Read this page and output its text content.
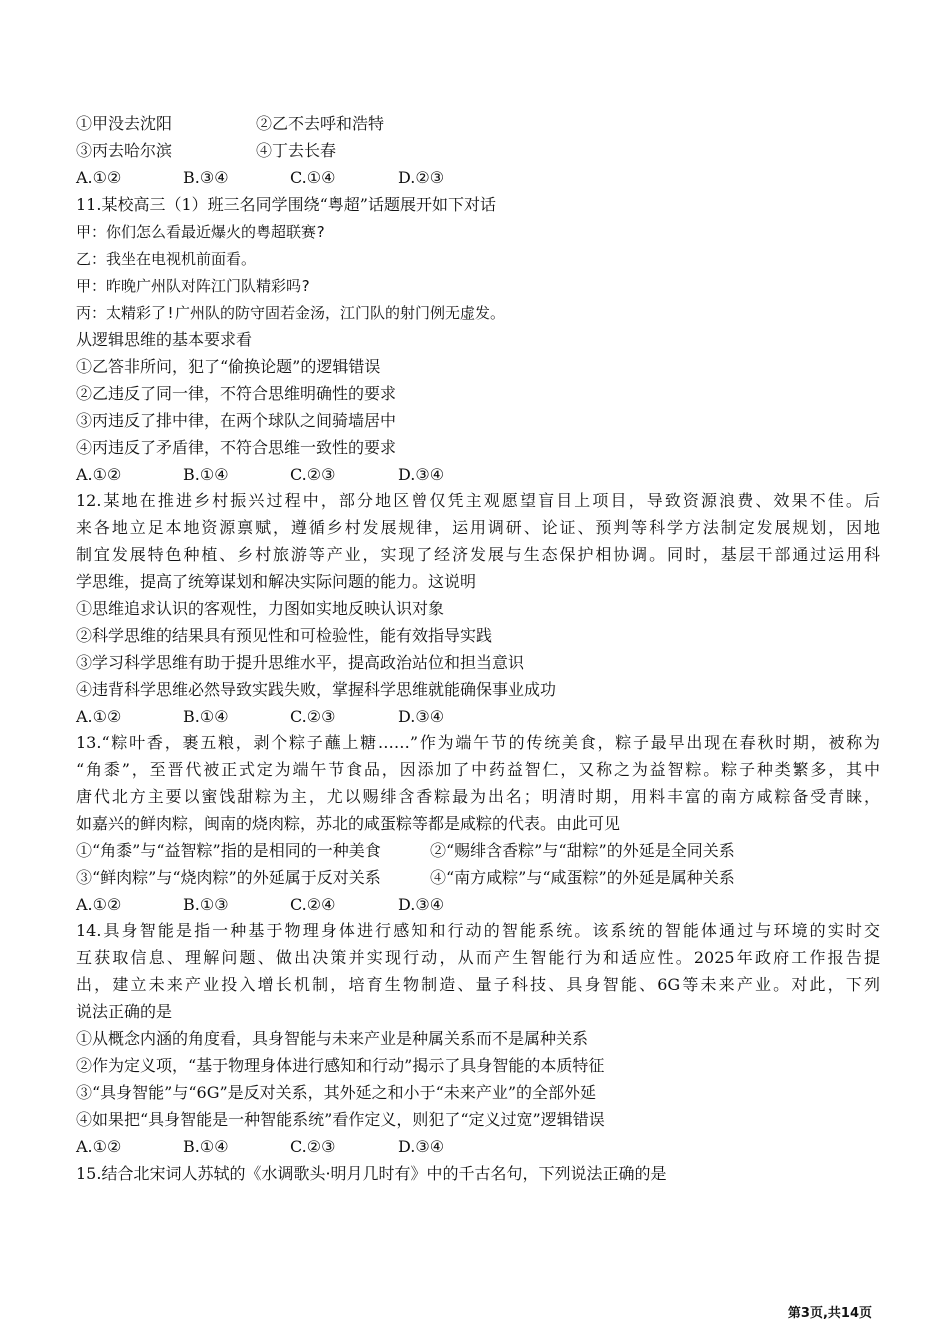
①甲没去沈阳	②乙不去呼和浩特
③丙去哈尔滨	④丁去长春
A.①②	B.③④	C.①④	D.②③
11.某校高三（1）班三名同学围绕“粤超”话题展开如下对话
甲：你们怎么看最近爆火的粤超联赛?
乙：我坐在电视机前面看。
甲：昨晚广州队对阵江门队精彩吗?
丙：太精彩了!广州队的防守固若金汤，江门队的射门例无虚发。
从逻辑思维的基本要求看
①乙答非所问，犯了“偷换论题”的逻辑错误
②乙违反了同一律，不符合思维明确性的要求
③丙违反了排中律，在两个球队之间骑墙居中
④丙违反了矛盾律，不符合思维一致性的要求
A.①②	B.①④	C.②③	D.③④
12.某地在推进乡村振兴过程中，部分地区曾仅凭主观愿望盲目上项目，导致资源浪费、效果不佳。后
来各地立足本地资源禀赋，遵循乡村发展规律，运用调研、论证、预判等科学方法制定发展规划，因地
制宜发展特色种植、乡村旅游等产业，实现了经济发展与生态保护相协调。同时，基层干部通过运用科
学思维，提高了统筹谋划和解决实际问题的能力。这说明
①思维追求认识的客观性，力图如实地反映认识对象
②科学思维的结果具有预见性和可检验性，能有效指导实践
③学习科学思维有助于提升思维水平，提高政治站位和担当意识
④违背科学思维必然导致实践失败，掌握科学思维就能确保事业成功
A.①②	B.①④	C.②③	D.③④
13.“粽叶香，裹五粮，剥个粽子蘸上糖……”作为端午节的传统美食，粽子最早出现在春秋时期，被称为
“角黍”，至晋代被正式定为端午节食品，因添加了中药益智仁，又称之为益智粽。粽子种类繁多，其中
唐代北方主要以蜜饯甜粽为主，尤以赐绯含香粽最为出名；明清时期，用料丰富的南方咸粽备受青睐，
如嘉兴的鲜肉粽，闽南的烧肉粽，苏北的咸蛋粽等都是咸粽的代表。由此可见
①“角黍”与“益智粽”指的是相同的一种美食	②“赐绯含香粽”与“甜粽”的外延是全同关系
③“鲜肉粽”与“烧肉粽”的外延属于反对关系	④“南方咸粽”与“咸蛋粽”的外延是属种关系
A.①②	B.①③	C.②④	D.③④
14.具身智能是指一种基于物理身体进行感知和行动的智能系统。该系统的智能体通过与环境的实时交
互获取信息、理解问题、做出决策并实现行动，从而产生智能行为和适应性。2025年政府工作报告提
出，建立未来产业投入增长机制，培育生物制造、量子科技、具身智能、6G等未来产业。对此，下列
说法正确的是
①从概念内涵的角度看，具身智能与未来产业是种属关系而不是属种关系
②作为定义项，“基于物理身体进行感知和行动”揭示了具身智能的本质特征
③“具身智能”与“6G”是反对关系，其外延之和小于“未来产业”的全部外延
④如果把“具身智能是一种智能系统”看作定义，则犯了“定义过宽”逻辑错误
A.①②	B.①④	C.②③	D.③④
15.结合北宋词人苏轼的《水调歌头·明月几时有》中的千古名句，下列说法正确的是
第3页,共14页
